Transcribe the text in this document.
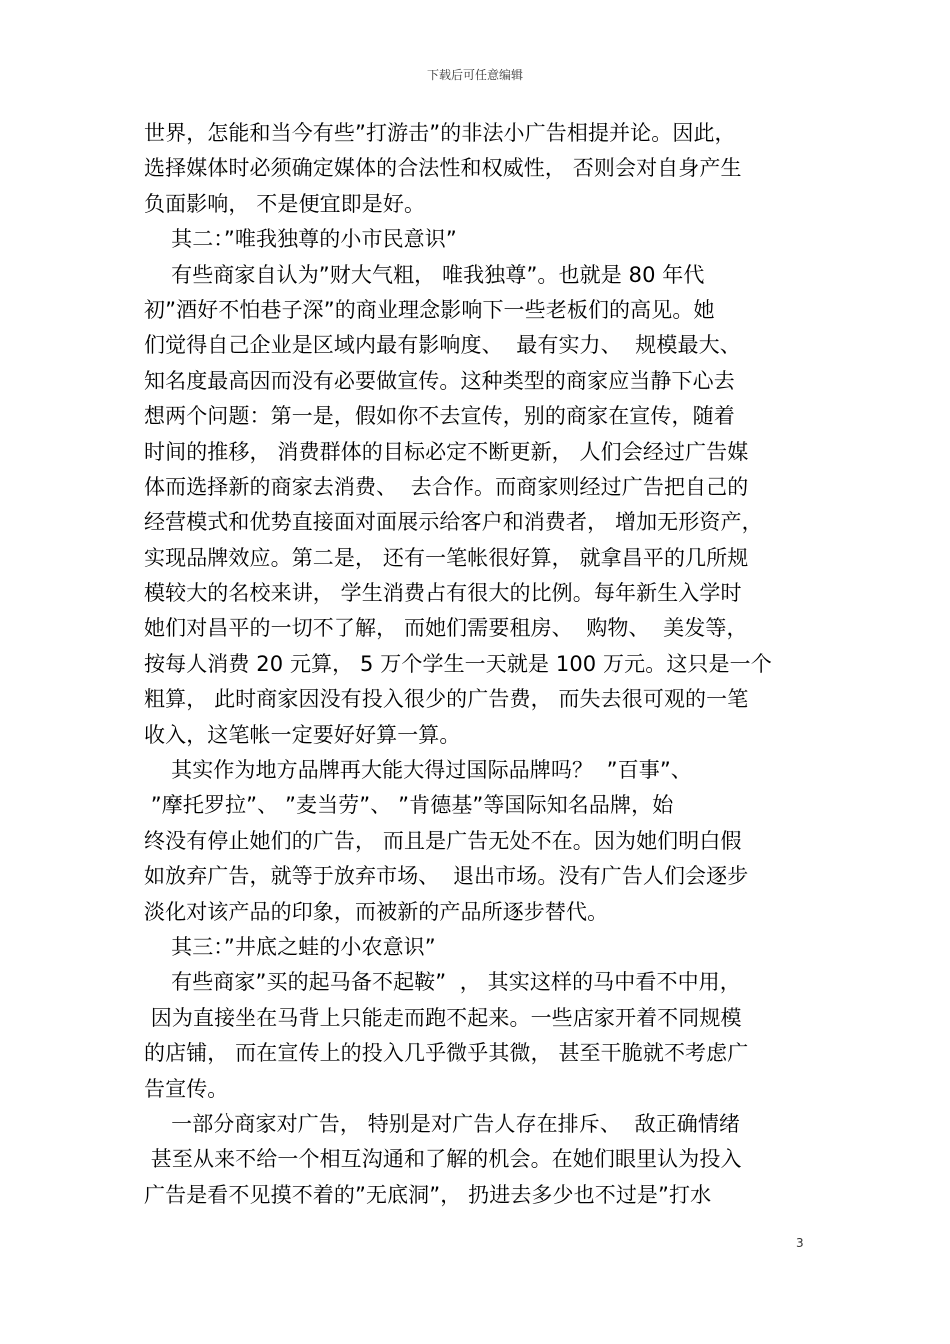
下载后可任意编辑
世界，怎能和当今有些”打游击”的非法小广告相提并论。因此，
选择媒体时必须确定媒体的合法性和权威性， 否则会对自身产生
负面影响， 不是便宜即是好。
其二：”唯我独尊的小市民意识”
有些商家自认为”财大气粗， 唯我独尊”。也就是 80 年代
初”酒好不怕巷子深”的商业理念影响下一些老板们的高见。她
们觉得自己企业是区域内最有影响度、  最有实力、  规模最大、
知名度最高因而没有必要做宣传。这种类型的商家应当静下心去
想两个问题：第一是，假如你不去宣传，别的商家在宣传，随着
时间的推移， 消费群体的目标必定不断更新， 人们会经过广告媒
体而选择新的商家去消费、  去合作。而商家则经过广告把自己的
经营模式和优势直接面对面展示给客户和消费者， 增加无形资产，
实现品牌效应。第二是， 还有一笔帐很好算， 就拿昌平的几所规
模较大的名校来讲， 学生消费占有很大的比例。每年新生入学时
她们对昌平的一切不了解， 而她们需要租房、  购物、  美发等，
按每人消费 20 元算， 5 万个学生一天就是 100 万元。这只是一个
粗算， 此时商家因没有投入很少的广告费， 而失去很可观的一笔
收入，这笔帐一定要好好算一算。
其实作为地方品牌再大能大得过国际品牌吗？  ”百事”、
”摩托罗拉”、 ”麦当劳”、 ”肯德基”等国际知名品牌，始
终没有停止她们的广告， 而且是广告无处不在。因为她们明白假
如放弃广告，就等于放弃市场、  退出市场。没有广告人们会逐步
淡化对该产品的印象，而被新的产品所逐步替代。
其三：”井底之蛙的小农意识”
有些商家”买的起马备不起鞍”  ， 其实这样的马中看不中用，
因为直接坐在马背上只能走而跑不起来。一些店家开着不同规模
的店铺， 而在宣传上的投入几乎微乎其微， 甚至干脆就不考虑广
告宣传。
一部分商家对广告， 特别是对广告人存在排斥、  敌正确情绪
甚至从来不给一个相互沟通和了解的机会。在她们眼里认为投入
广告是看不见摸不着的”无底洞”， 扔进去多少也不过是”打水
3
